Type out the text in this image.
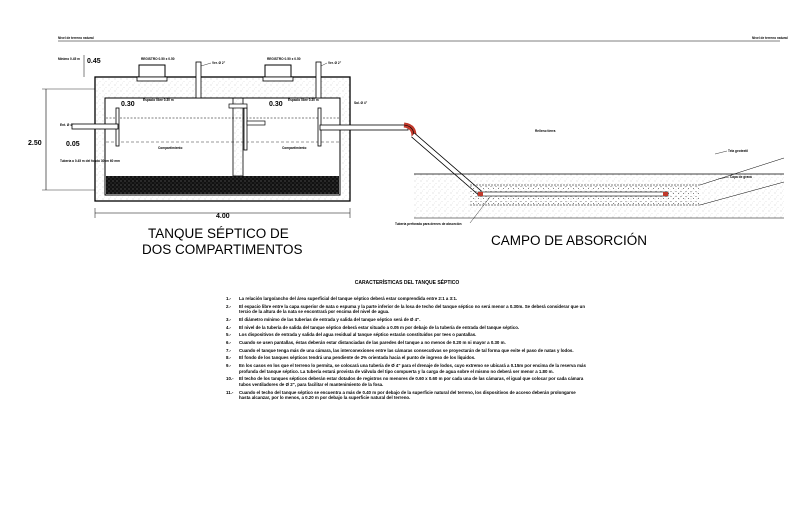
Nivel de terreno natural	Nivel de terreno natural
Compartimiento	Compartimiento
0.30
Espacio libre 0.30 m
0.30
Espacio libre 0.30 m
REGISTRO 0.50 x 0.50	REGISTRO 0.50 x 0.50
Ver. Ø 2"	Ver. Ø 2"
Sal. Ø 4"
Ent. Ø 4"
Mínimo 0.45 m
Tubería a 0.45 m del fondo 30cm 60 mm
0.45
2.50	0.05
4.00
TANQUE SÉPTICO DE
DOS COMPARTIMENTOS
Relleno tierra
Tela geotextil
Capa de grava
Tubería perforada para drenes de absorción
CAMPO DE ABSORCIÓN
CARACTERÍSTICAS DEL TANQUE SÉPTICO
1.-	La relación largo/ancho del área superficial del tanque séptico deberá estar comprendida entre 2:1 a 3:1.
2.-	El espacio libre entre la capa superior de nata o espuma y la parte inferior de la losa de techo del tanque séptico no será menor a 0.30m. Se deberá considerar que un tercio de la altura de la nata se encontrará por encima del nivel de agua.
3.-	El diámetro mínimo de las tuberías de entrada y salida del tanque séptico será de Ø 4".
4.-	El nivel de la tubería de salida del tanque séptico deberá estar situado a 0.05 m por debajo de la tubería de entrada del tanque séptico.
5.-	Los dispositivos de entrada y salida del agua residual al tanque séptico estarán constituidos por tees o pantallas.
6.-	Cuando se usen pantallas, éstas deberán estar distanciadas de las paredes del tanque a no menos de 0.20 m ni mayor a 0.30 m.
7.-	Cuando el tanque tenga más de una cámara, las interconexiones entre las cámaras consecutivas se proyectarán de tal forma que evite el paso de natas y lodos.
8.-	El fondo de los tanques sépticos tendrá una pendiente de 2% orientada hacia el punto de ingreso de los líquidos.
9.-	En los casos en los que el terreno lo permita, se colocará una tubería de Ø 4" para el drenaje de lodos, cuyo extremo se ubicará a 0.15m por encima de la reserva más profunda del tanque séptico. La tubería estará provista de válvula del tipo compuerta y la carga de agua sobre el mismo no deberá ser menor a 1.80 m.
10.-	El techo de los tanques sépticos deberán estar dotados de registros no menores de 0.60 x 0.60 m por cada una de las cámaras, el igual que colocar por cada cámara tubos ventiladores de Ø 2", para facilitar el mantenimiento de la fosa.
11.-	Cuando el techo del tanque séptico se encuentra a más de 0.40 m por debajo de la superficie natural del terreno, los dispositivos de acceso deberán prolongarse hasta alcanzar, por lo menos, a 0.20 m por debajo la superficie natural del terreno.
